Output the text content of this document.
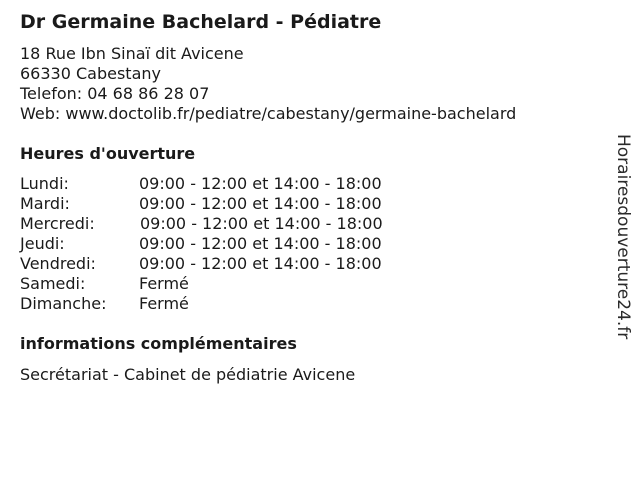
Dr Germaine Bachelard - Pédiatre
18 Rue Ibn Sinaï dit Avicene
66330 Cabestany
Telefon: 04 68 86 28 07
Web: www.doctolib.fr/pediatre/cabestany/germaine-bachelard
Heures d'ouverture
Lundi:	09:00 - 12:00 et 14:00 - 18:00
Mardi:	09:00 - 12:00 et 14:00 - 18:00
Mercredi:	09:00 - 12:00 et 14:00 - 18:00
Jeudi:	09:00 - 12:00 et 14:00 - 18:00
Vendredi:	09:00 - 12:00 et 14:00 - 18:00
Samedi:	Fermé
Dimanche: Fermé
informations complémentaires
Secrétariat - Cabinet de pédiatrie Avicene
Horairesdouverture24.fr
